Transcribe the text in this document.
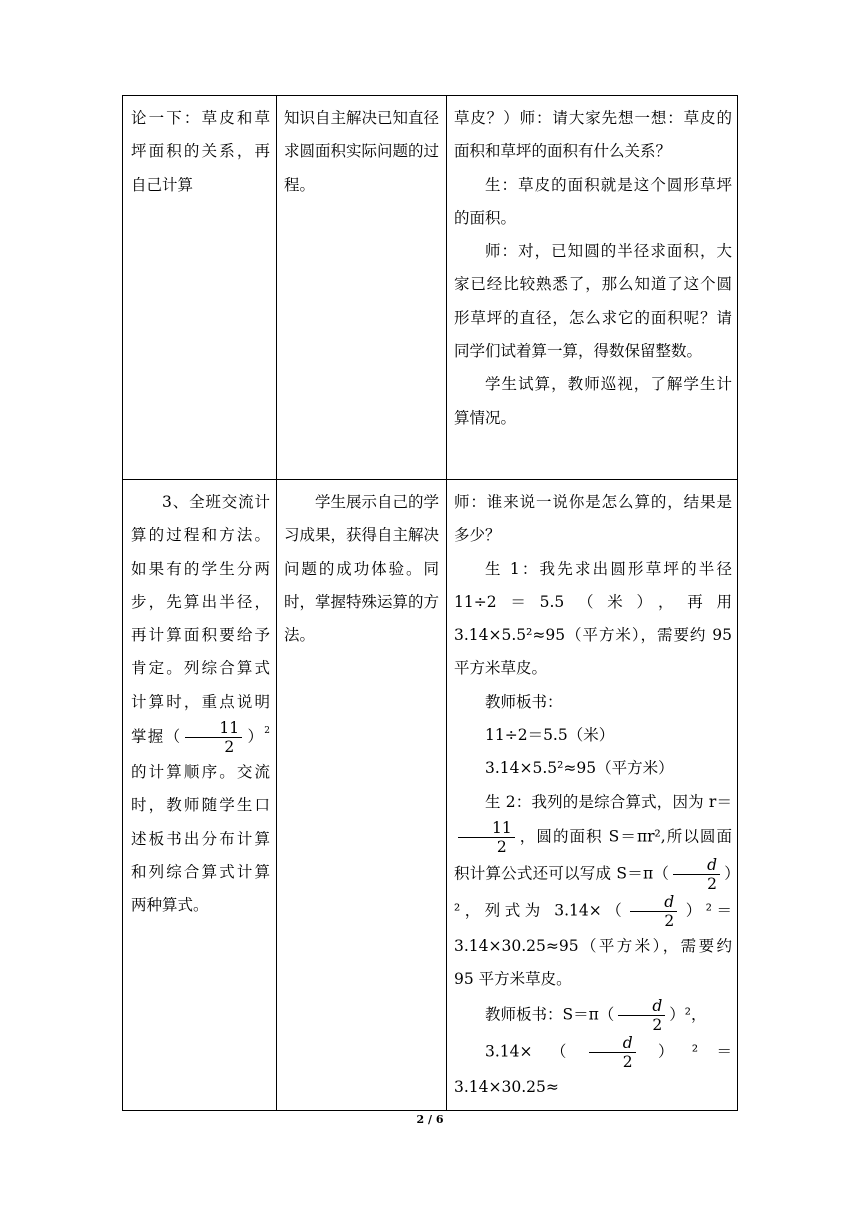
论一下：草皮和草坪面积的关系，再自己计算

知识自主解决已知直径求圆面积实际问题的过程。

草皮？）师：请大家先想一想：草皮的面积和草坪的面积有什么关系？

生：草皮的面积就是这个圆形草坪的面积。

师：对，已知圆的半径求面积，大家已经比较熟悉了，那么知道了这个圆形草坪的直径，怎么求它的面积呢？请同学们试着算一算，得数保留整数。

学生试算，教师巡视，了解学生计算情况。

3、全班交流计算的过程和方法。如果有的学生分两步，先算出半径，再计算面积要给予肯定。列综合算式计算时，重点说明掌握（ $\frac{11}{2} )^2$的计算顺序。交流时，教师随学生口述板书出分布计算和列综合算式计算两种算式。

学生展示自己的学习成果，获得自主解决问题的成功体验。同时，掌握特殊运算的方法。

师：谁来说一说你是怎么算的，结果是多少？

生 1：我先求出圆形草坪的半径 11÷2＝5.5（米），再用 3.14×5.5²≈95（平方米），需要约 95 平方米草皮。

教师板书：

11÷2＝5.5（米）

3.14×5.5²≈95（平方米）

生 2：我列的是综合算式，因为 r＝
$\frac{11}{2}$ ，圆的面积 S＝πr²,所以圆面积计算公式还可以写成 $S=\pi( \frac{d}{2} )^2$，列式为 $3.14\times( \frac{d}{2} )^2=3.14\times 30.25\approx 95$（平方米），需要约 95 平方米草皮。

教师板书：$S=\pi( \frac{d}{2} )^2$，

$3.14\times( \frac{d}{2} )^2=3.14\times 30.25\approx$

2 / 6
